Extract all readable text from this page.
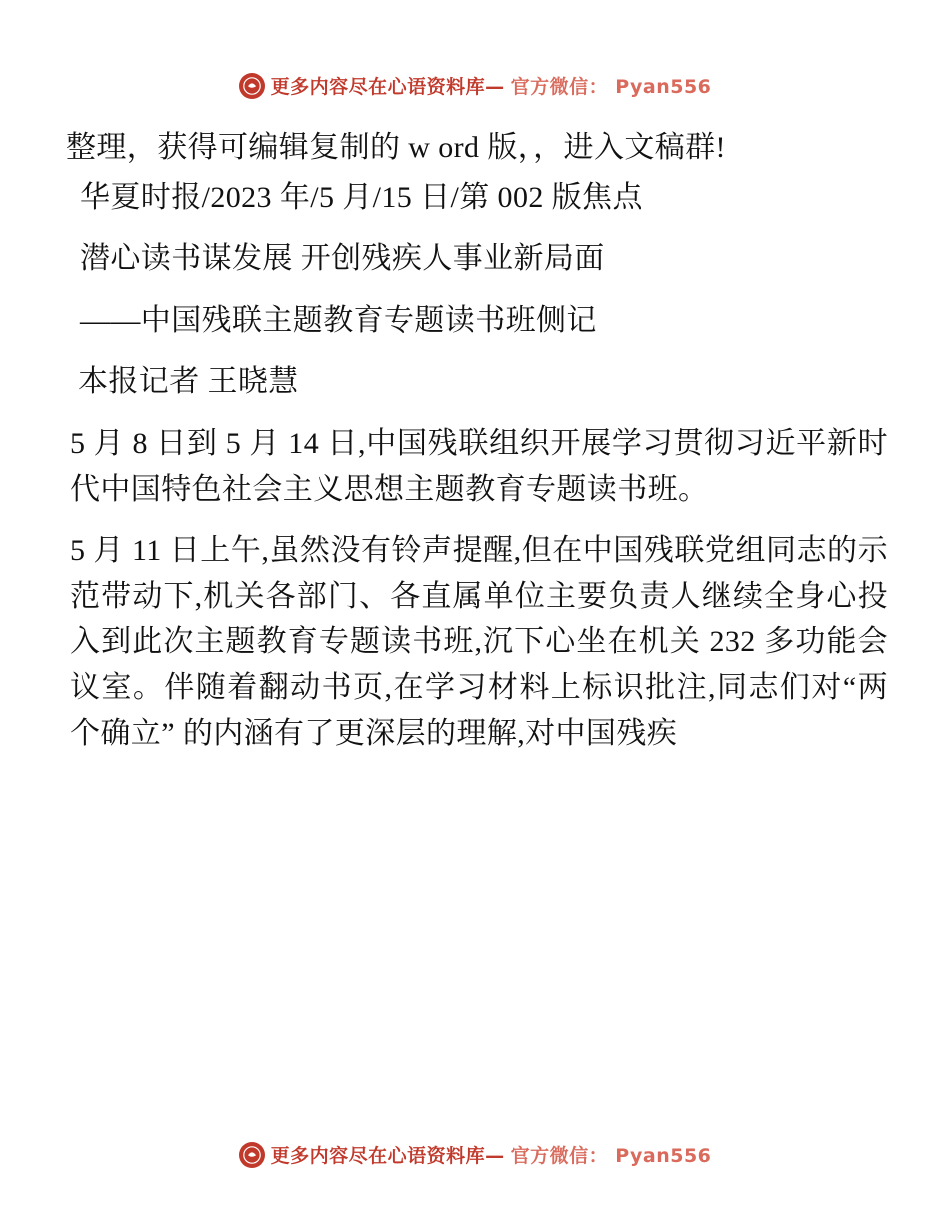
更多内容尽在心语资料库— 官方微信： Pyan556

整理，获得可编辑复制的 w ord 版，，进入文稿群!

华夏时报/2023 年/5 月/15 日/第 002 版焦点

潜心读书谋发展 开创残疾人事业新局面

——中国残联主题教育专题读书班侧记

本报记者 王晓慧

5 月 8 日到 5 月 14 日,中国残联组织开展学习贯彻习近平新时代中国特色社会主义思想主题教育专题读书班。

5 月 11 日上午,虽然没有铃声提醒,但在中国残联党组同志的示范带动下,机关各部门、各直属单位主要负责人继续全身心投入到此次主题教育专题读书班,沉下心坐在机关 232 多功能会议室。伴随着翻动书页,在学习材料上标识批注,同志们对“两个确立” 的内涵有了更深层的理解,对中国残疾

更多内容尽在心语资料库— 官方微信： Pyan556
